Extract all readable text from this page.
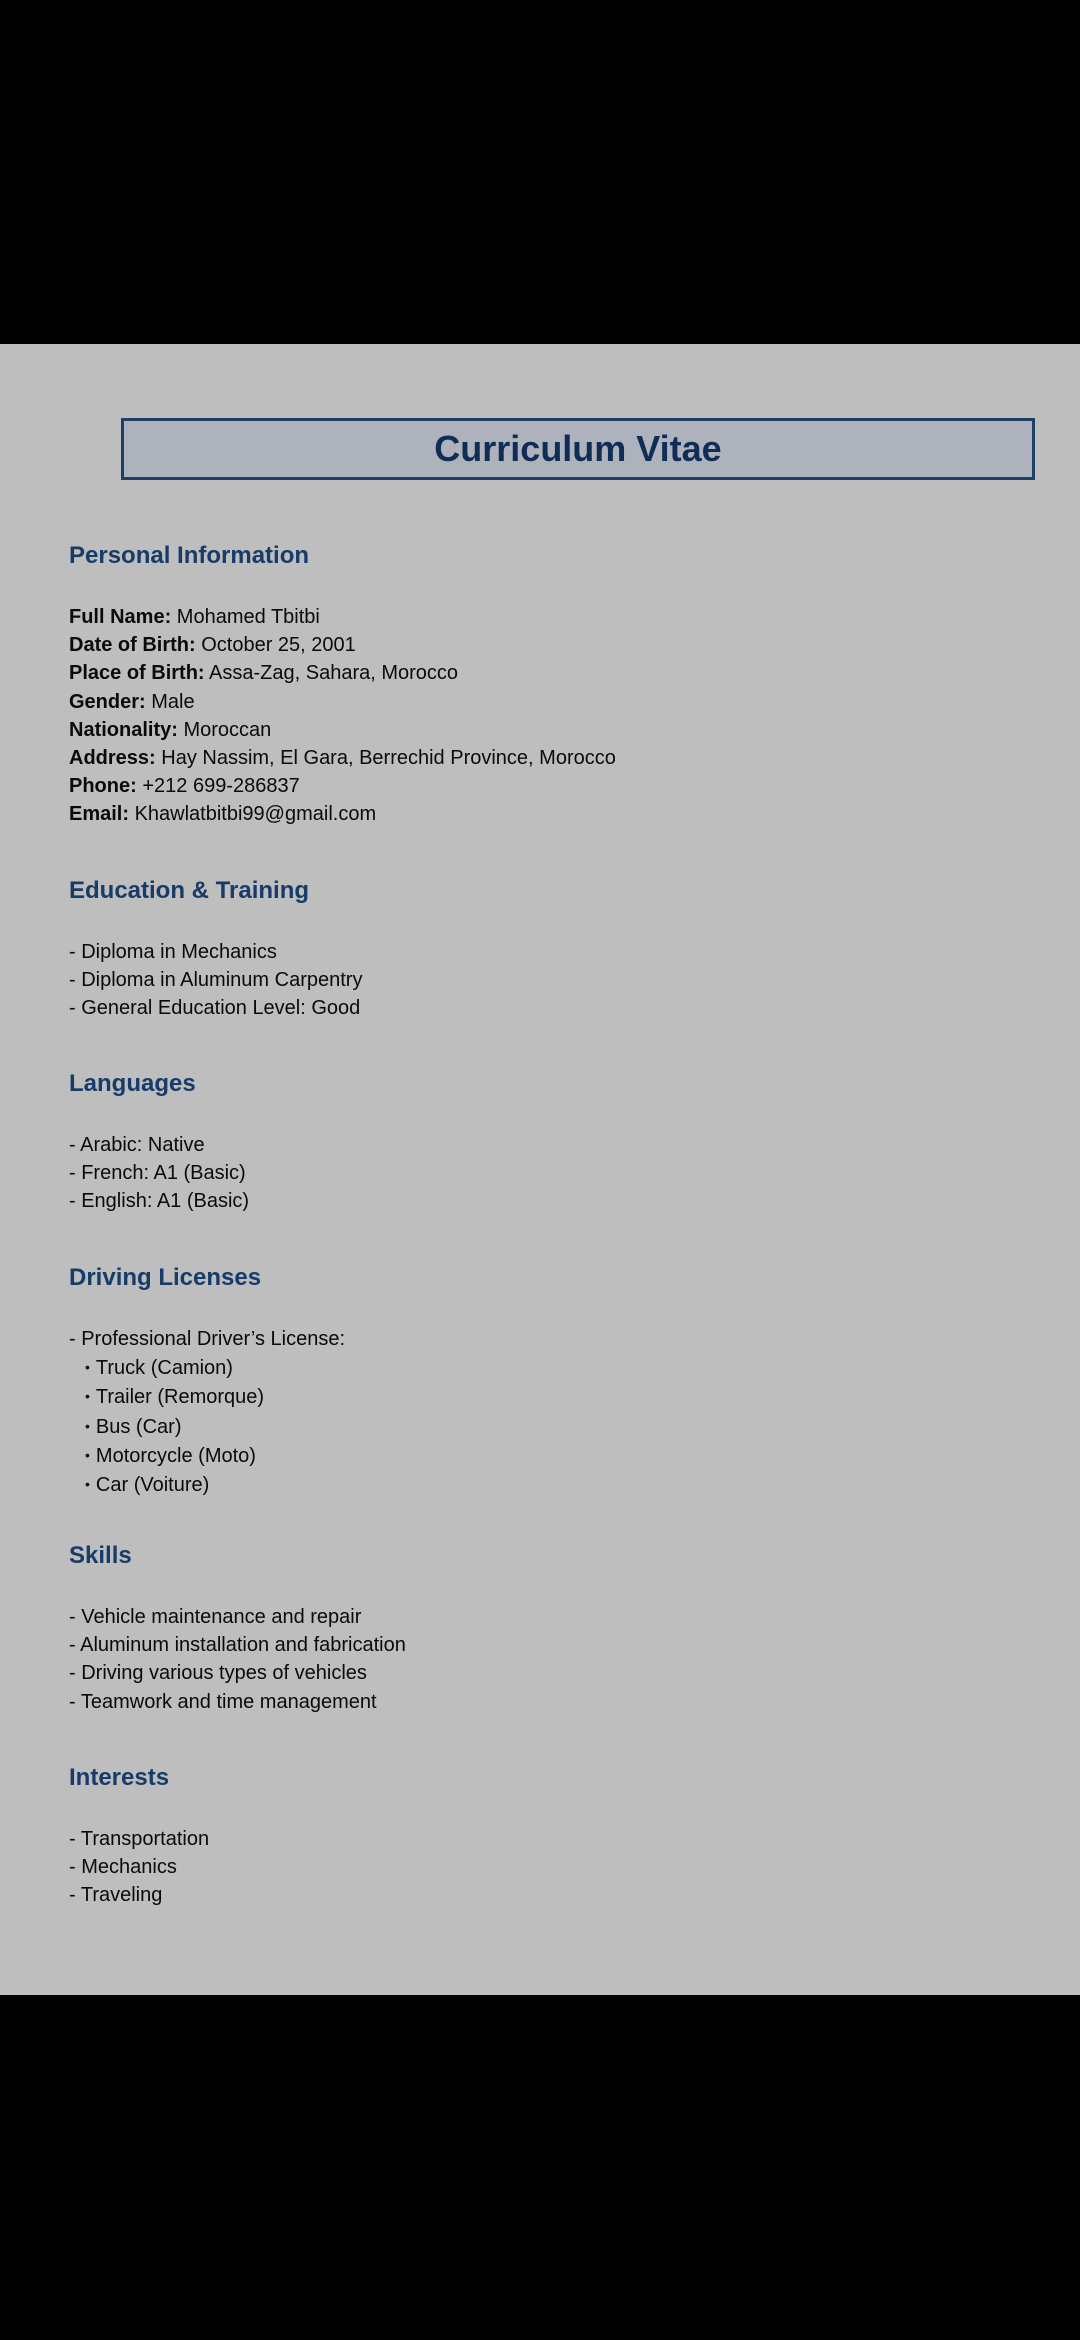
Curriculum Vitae
Personal Information
Full Name: Mohamed Tbitbi
Date of Birth: October 25, 2001
Place of Birth: Assa-Zag, Sahara, Morocco
Gender: Male
Nationality: Moroccan
Address: Hay Nassim, El Gara, Berrechid Province, Morocco
Phone: +212 699-286837
Email: Khawlatbitbi99@gmail.com
Education & Training
- Diploma in Mechanics
- Diploma in Aluminum Carpentry
- General Education Level: Good
Languages
- Arabic: Native
- French: A1 (Basic)
- English: A1 (Basic)
Driving Licenses
- Professional Driver’s License:
• Truck (Camion)
• Trailer (Remorque)
• Bus (Car)
• Motorcycle (Moto)
• Car (Voiture)
Skills
- Vehicle maintenance and repair
- Aluminum installation and fabrication
- Driving various types of vehicles
- Teamwork and time management
Interests
- Transportation
- Mechanics
- Traveling
